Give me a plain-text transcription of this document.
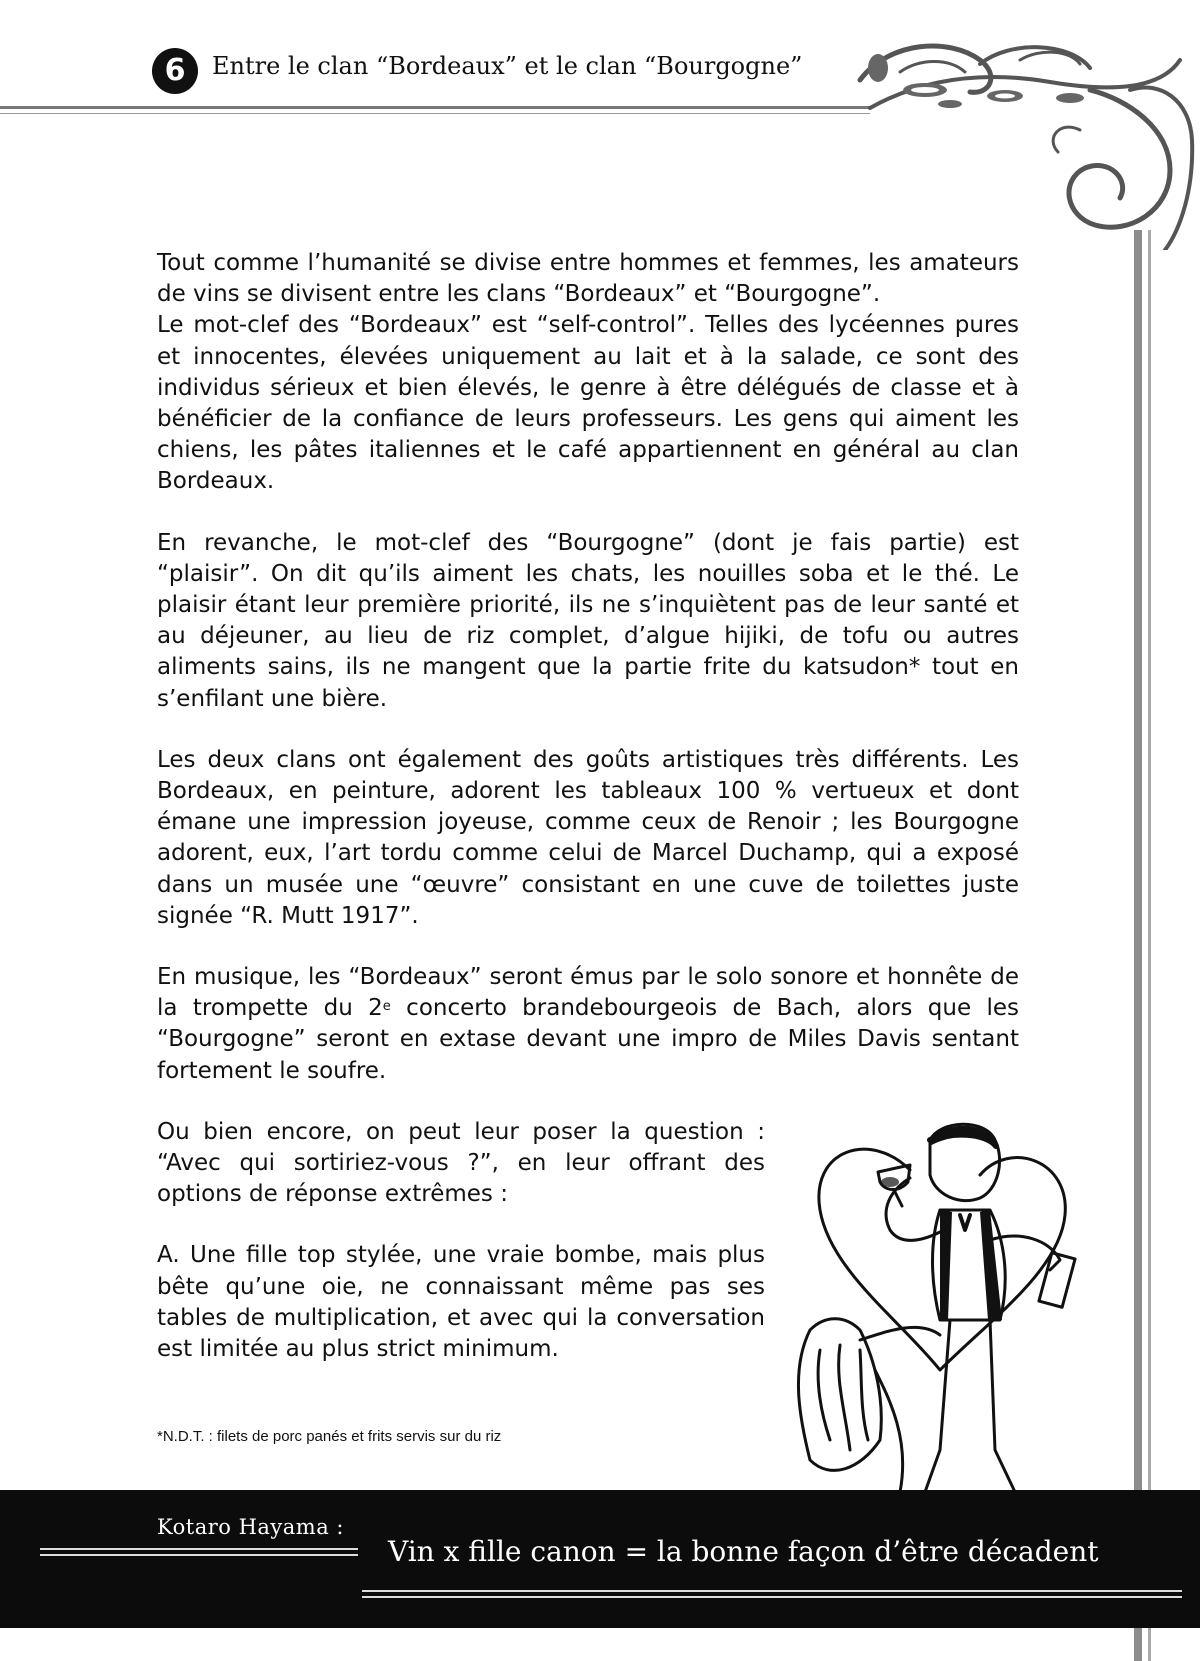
6	Entre le clan “Bordeaux” et le clan “Bourgogne”

Tout comme l’humanité se divise entre hommes et femmes, les amateurs de vins se divisent entre les clans “Bordeaux” et “Bourgogne”.

Le mot-clef des “Bordeaux” est “self-control”. Telles des lycéennes pures et innocentes, élevées uniquement au lait et à la salade, ce sont des individus sérieux et bien élevés, le genre à être délégués de classe et à bénéficier de la confiance de leurs professeurs. Les gens qui aiment les chiens, les pâtes italiennes et le café appartiennent en général au clan Bordeaux.

En revanche, le mot-clef des “Bourgogne” (dont je fais partie) est “plaisir”. On dit qu’ils aiment les chats, les nouilles soba et le thé. Le plaisir étant leur première priorité, ils ne s’inquiètent pas de leur santé et au déjeuner, au lieu de riz complet, d’algue hijiki, de tofu ou autres aliments sains, ils ne mangent que la partie frite du katsudon* tout en s’enfilant une bière.

Les deux clans ont également des goûts artistiques très différents. Les Bordeaux, en peinture, adorent les tableaux 100 % vertueux et dont émane une impression joyeuse, comme ceux de Renoir ; les Bourgogne adorent, eux, l’art tordu comme celui de Marcel Duchamp, qui a exposé dans un musée une “œuvre” consistant en une cuve de toilettes juste signée “R. Mutt 1917”.

En musique, les “Bordeaux” seront émus par le solo sonore et honnête de la trompette du 2e concerto brandebourgeois de Bach, alors que les “Bourgogne” seront en extase devant une impro de Miles Davis sentant fortement le soufre.

Ou bien encore, on peut leur poser la question : “Avec qui sortiriez-vous ?”, en leur offrant des options de réponse extrêmes :

A. Une fille top stylée, une vraie bombe, mais plus bête qu’une oie, ne connaissant même pas ses tables de multiplication, et avec qui la conversation est limitée au plus strict minimum.

*N.D.T. : filets de porc panés et frits servis sur du riz
Kotaro Hayama :
Vin x fille canon = la bonne façon d’être décadent
